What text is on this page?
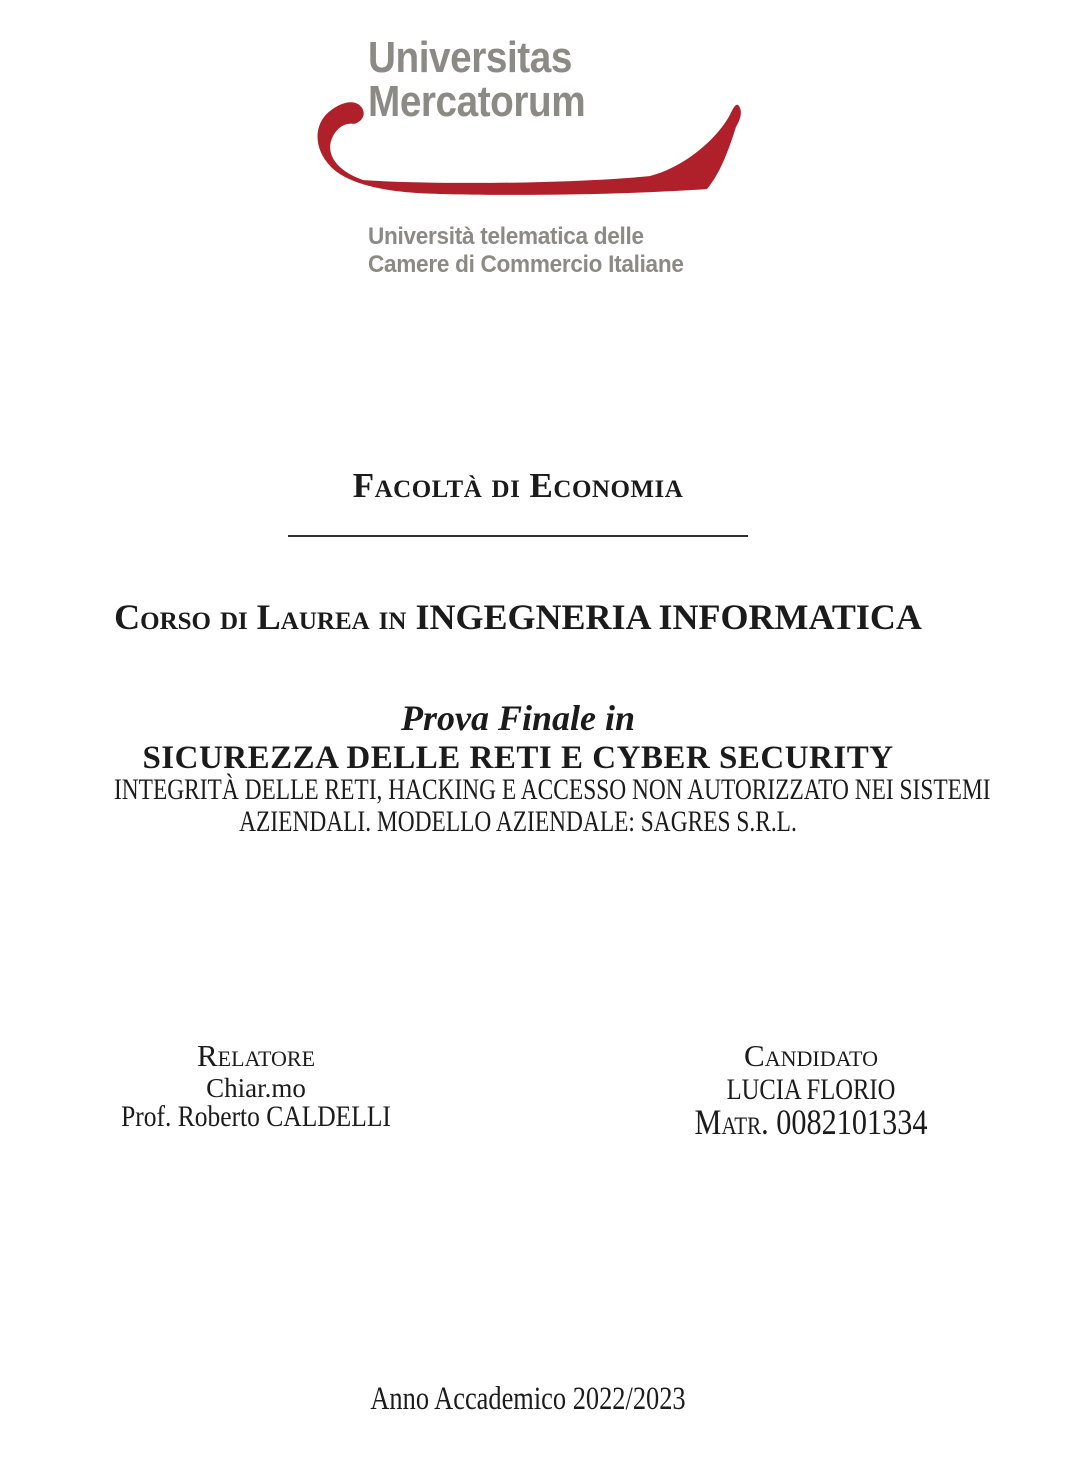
Universitas
Mercatorum
Università telematica delle
Camere di Commercio Italiane
Facoltà di Economia
Corso di Laurea in INGEGNERIA INFORMATICA
Prova Finale in
SICUREZZA DELLE RETI E CYBER SECURITY
INTEGRITÀ DELLE RETI, HACKING E ACCESSO NON AUTORIZZATO NEI SISTEMI
AZIENDALI. MODELLO AZIENDALE: SAGRES S.R.L.
Relatore
Chiar.mo
Prof. Roberto CALDELLI
Candidato
LUCIA FLORIO
Matr. 0082101334
Anno Accademico 2022/2023
